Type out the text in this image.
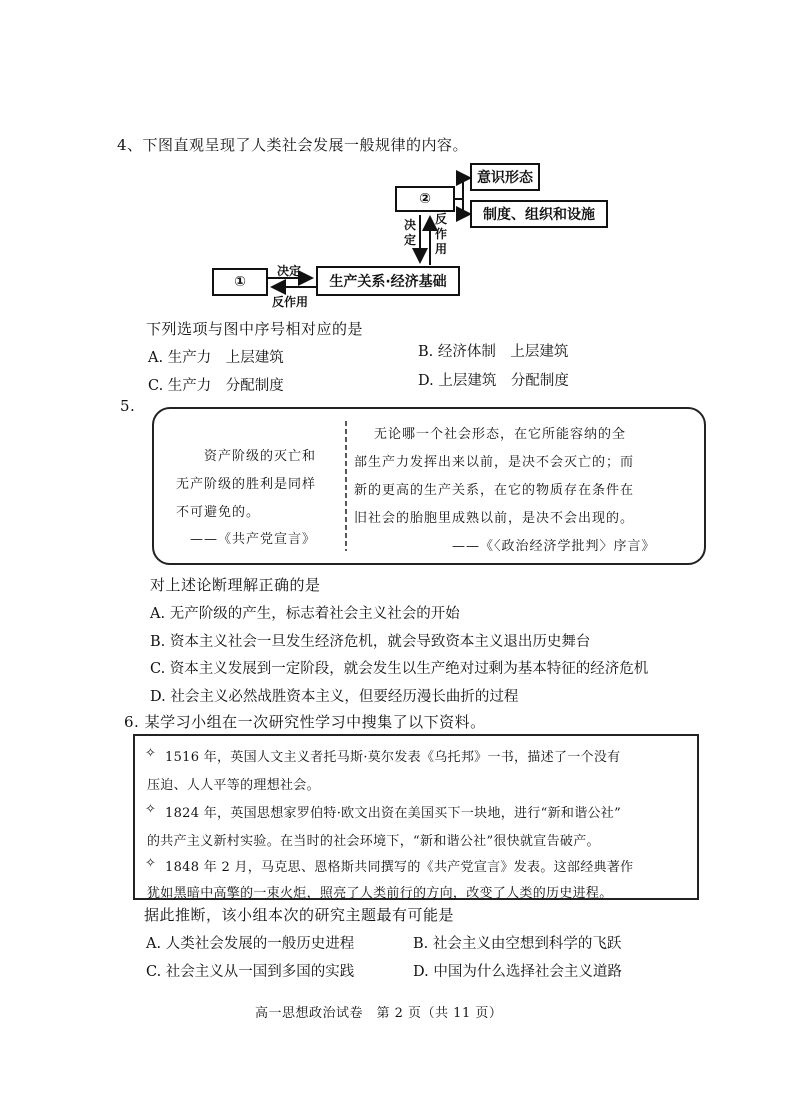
4、下图直观呈现了人类社会发展一般规律的内容。
②
意识形态
制度、组织和设施
①	生产关系·经济基础
决定
反作用
决定
反作用
下列选项与图中序号相对应的是
A. 生产力　上层建筑	B. 经济体制　上层建筑
C. 生产力　分配制度	D. 上层建筑　分配制度
5.
资产阶级的灭亡和
无产阶级的胜利是同样
不可避免的。
——《共产党宣言》
无论哪一个社会形态，在它所能容纳的全
部生产力发挥出来以前，是决不会灭亡的；而
新的更高的生产关系，在它的物质存在条件在
旧社会的胎胞里成熟以前，是决不会出现的。
——《〈政治经济学批判〉序言》
对上述论断理解正确的是
A. 无产阶级的产生，标志着社会主义社会的开始
B. 资本主义社会一旦发生经济危机，就会导致资本主义退出历史舞台
C. 资本主义发展到一定阶段，就会发生以生产绝对过剩为基本特征的经济危机
D. 社会主义必然战胜资本主义，但要经历漫长曲折的过程
6. 某学习小组在一次研究性学习中搜集了以下资料。
✧ 1516 年，英国人文主义者托马斯·莫尔发表《乌托邦》一书，描述了一个没有
压迫、人人平等的理想社会。
✧ 1824 年，英国思想家罗伯特·欧文出资在美国买下一块地，进行“新和谐公社”
的共产主义新村实验。在当时的社会环境下，“新和谐公社”很快就宣告破产。
✧ 1848 年 2 月，马克思、恩格斯共同撰写的《共产党宣言》发表。这部经典著作
犹如黑暗中高擎的一束火炬，照亮了人类前行的方向，改变了人类的历史进程。
据此推断，该小组本次的研究主题最有可能是
A. 人类社会发展的一般历史进程	B. 社会主义由空想到科学的飞跃
C. 社会主义从一国到多国的实践	D. 中国为什么选择社会主义道路
高一思想政治试卷　第 2 页（共 11 页）
